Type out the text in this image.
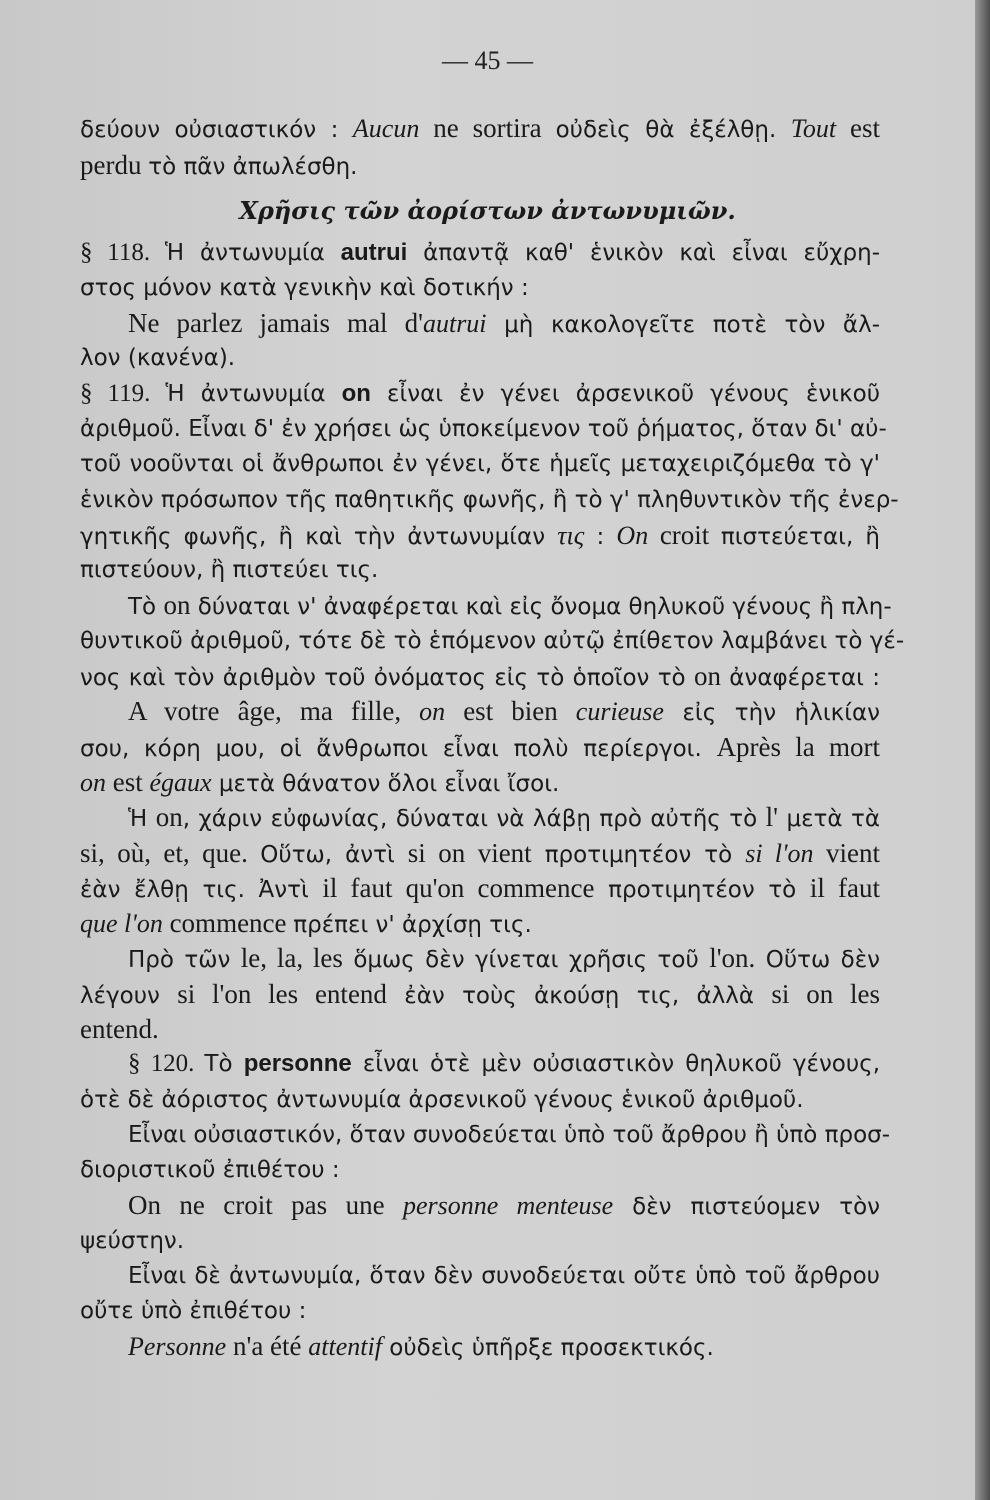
— 45 —
δεύουν οὐσιαστικόν : Aucun ne sortira οὐδεὶς θὰ ἐξέλθῃ. Tout est
perdu τὸ πᾶν ἀπωλέσθη.
Χρῆσις τῶν ἀορίστων ἀντωνυμιῶν.
§ 118. Ἡ ἀντωνυμία autrui ἀπαντᾷ καθ' ἑνικὸν καὶ εἶναι εὔχρη-
στος μόνον κατὰ γενικὴν καὶ δοτικήν :
Ne parlez jamais mal d'autrui μὴ κακολογεῖτε ποτὲ τὸν ἄλ-
λον (κανένα).
§ 119. Ἡ ἀντωνυμία on εἶναι ἐν γένει ἀρσενικοῦ γένους ἑνικοῦ
ἀριθμοῦ. Εἶναι δ' ἐν χρήσει ὡς ὑποκείμενον τοῦ ῥήματος, ὅταν δι' αὐ-
τοῦ νοοῦνται οἱ ἄνθρωποι ἐν γένει, ὅτε ἡμεῖς μεταχειριζόμεθα τὸ γ'
ἑνικὸν πρόσωπον τῆς παθητικῆς φωνῆς, ἢ τὸ γ' πληθυντικὸν τῆς ἐνερ-
γητικῆς φωνῆς, ἢ καὶ τὴν ἀντωνυμίαν τις : On croit πιστεύεται, ἢ
πιστεύουν, ἢ πιστεύει τις.
Τὸ on δύναται ν' ἀναφέρεται καὶ εἰς ὄνομα θηλυκοῦ γένους ἢ πλη-
θυντικοῦ ἀριθμοῦ, τότε δὲ τὸ ἑπόμενον αὐτῷ ἐπίθετον λαμβάνει τὸ γέ-
νος καὶ τὸν ἀριθμὸν τοῦ ὀνόματος εἰς τὸ ὁποῖον τὸ on ἀναφέρεται :
A votre âge, ma fille, on est bien curieuse εἰς τὴν ἡλικίαν
σου, κόρη μου, οἱ ἄνθρωποι εἶναι πολὺ περίεργοι. Après la mort
on est égaux μετὰ θάνατον ὅλοι εἶναι ἴσοι.
Ἡ on, χάριν εὐφωνίας, δύναται νὰ λάβῃ πρὸ αὐτῆς τὸ l' μετὰ τὰ
si, où, et, que. Οὕτω, ἀντὶ si on vient προτιμητέον τὸ si l'on vient
ἐὰν ἔλθῃ τις. Ἀντὶ il faut qu'on commence προτιμητέον τὸ il faut
que l'on commence πρέπει ν' ἀρχίσῃ τις.
Πρὸ τῶν le, la, les ὅμως δὲν γίνεται χρῆσις τοῦ l'on. Οὕτω δὲν
λέγουν si l'on les entend ἐὰν τοὺς ἀκούσῃ τις, ἀλλὰ si on les
entend.
§ 120. Τὸ personne εἶναι ὁτὲ μὲν οὐσιαστικὸν θηλυκοῦ γένους,
ὁτὲ δὲ ἀόριστος ἀντωνυμία ἀρσενικοῦ γένους ἑνικοῦ ἀριθμοῦ.
Εἶναι οὐσιαστικόν, ὅταν συνοδεύεται ὑπὸ τοῦ ἄρθρου ἢ ὑπὸ προσ-
διοριστικοῦ ἐπιθέτου :
On ne croit pas une personne menteuse δὲν πιστεύομεν τὸν
ψεύστην.
Εἶναι δὲ ἀντωνυμία, ὅταν δὲν συνοδεύεται οὔτε ὑπὸ τοῦ ἄρθρου
οὔτε ὑπὸ ἐπιθέτου :
Personne n'a été attentif οὐδεὶς ὑπῆρξε προσεκτικός.
